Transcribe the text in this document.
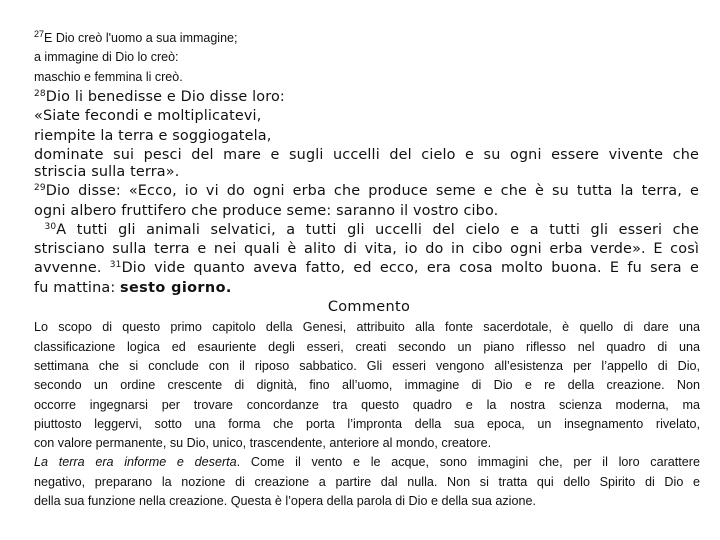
$^{27}$E Dio creò l'uomo a sua immagine;
a immagine di Dio lo creò:
maschio e femmina li creò.
$^{28}$Dio li benedisse e Dio disse loro:
«Siate fecondi e moltiplicatevi,
riempite la terra e soggiogatela,
dominate sui pesci del mare e sugli uccelli del cielo e su ogni essere vivente che
striscia sulla terra».
$^{29}$Dio disse: «Ecco, io vi do ogni erba che produce seme e che è su tutta la terra, e
ogni albero fruttifero che produce seme: saranno il vostro cibo.
$^{30}$A tutti gli animali selvatici, a tutti gli uccelli del cielo e a tutti gli esseri che
strisciano sulla terra e nei quali è alito di vita, io do in cibo ogni erba verde». E così
avvenne. $^{31}$Dio vide quanto aveva fatto, ed ecco, era cosa molto buona. E fu sera e
fu mattina: sesto giorno.
Commento
Lo scopo di questo primo capitolo della Genesi, attribuito alla fonte sacerdotale, è quello di dare una
classificazione logica ed esauriente degli esseri, creati secondo un piano riflesso nel quadro di una
settimana che si conclude con il riposo sabbatico. Gli esseri vengono all’esistenza per l’appello di Dio,
secondo un ordine crescente di dignità, fino all’uomo, immagine di Dio e re della creazione. Non
occorre ingegnarsi per trovare concordanze tra questo quadro e la nostra scienza moderna, ma
piuttosto leggervi, sotto una forma che porta l’impronta della sua epoca, un insegnamento rivelato,
con valore permanente, su Dio, unico, trascendente, anteriore al mondo, creatore.
La terra era informe e deserta. Come il vento e le acque, sono immagini che, per il loro carattere
negativo, preparano la nozione di creazione a partire dal nulla. Non si tratta qui dello Spirito di Dio e
della sua funzione nella creazione. Questa è l’opera della parola di Dio e della sua azione.
